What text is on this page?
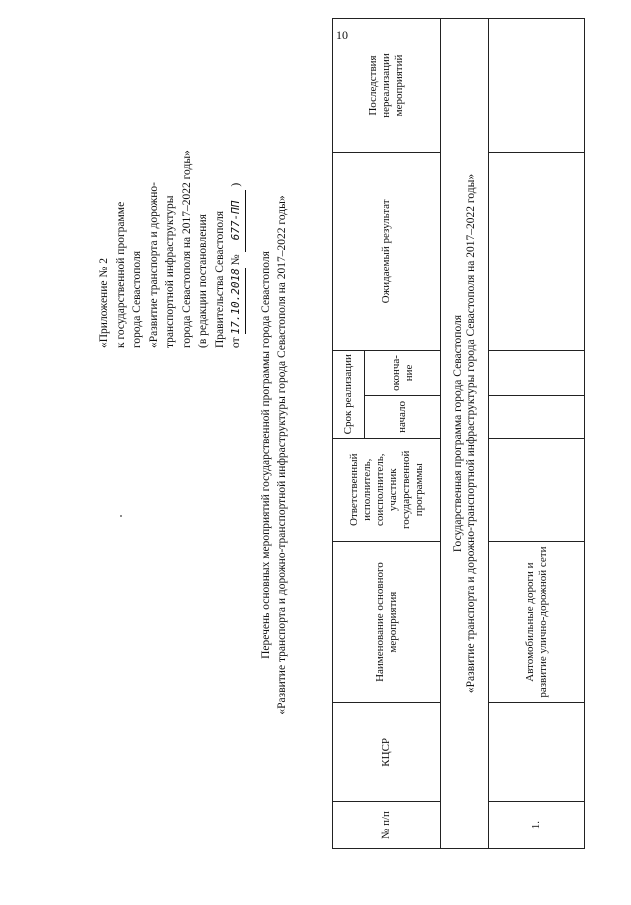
10
«Приложение № 2 к государственной программе города Севастополя «Развитие транспорта и дорожно- транспортной инфраструктуры города Севастополя на 2017–2022 годы» (в редакции постановления Правительства Севастополя от 17.10.2018 № 677-ПП )
Перечень основных мероприятий государственной программы города Севастополя «Развитие транспорта и дорожно-транспортной инфраструктуры города Севастополя на 2017–2022 годы»
№ п/п	КЦСР	Наименование основного мероприятия	Ответственный исполнитель, соисполнитель, участник государственной программы	Срок реализации		Ожидаемый результат	Последствия нереализации мероприятий
				начало	оконча-ние		

Государственная программа города Севастополя «Развитие транспорта и дорожно-транспортной инфраструктуры города Севастополя на 2017–2022 годы»							

1.		Автомобильные дороги и развитие улично-дорожной сети					
